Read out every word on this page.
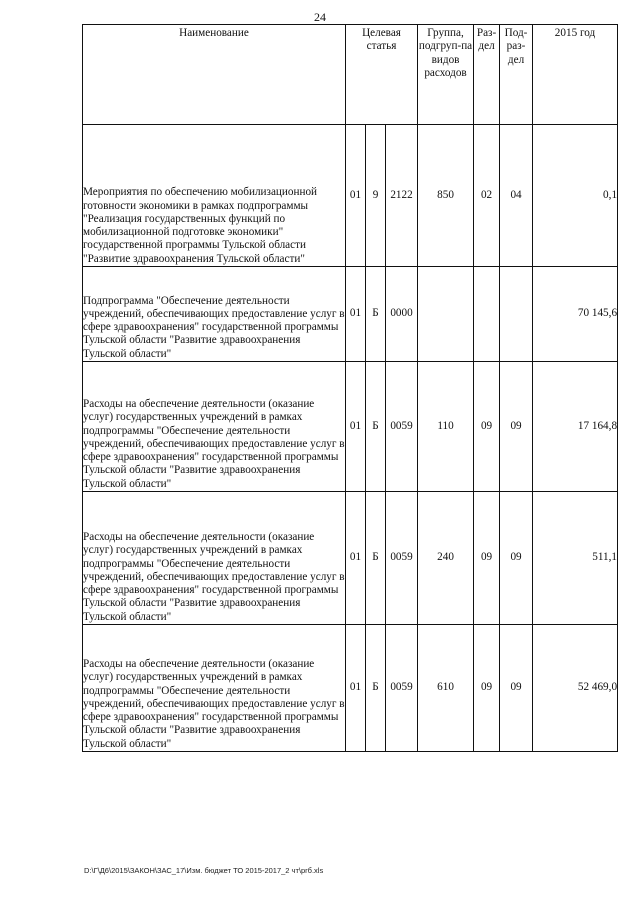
24
Наименование	Целевая статья			Группа, подгруп-па видов расходов	Раз-дел	Под-раз-дел	2015 год
Мероприятия по обеспечению мобилизационной готовности экономики в рамках подпрограммы "Реализация государственных функций по мобилизационной подготовке экономики" государственной программы Тульской области "Развитие здравоохранения Тульской области"	01	9	2122	850	02	04	0,1
Подпрограмма "Обеспечение деятельности учреждений, обеспечивающих предоставление услуг в сфере здравоохранения" государственной программы Тульской области "Развитие здравоохранения Тульской области"	01	Б	0000				70 145,6
Расходы на обеспечение деятельности (оказание услуг) государственных учреждений в рамках подпрограммы "Обеспечение деятельности учреждений, обеспечивающих предоставление услуг в сфере здравоохранения" государственной программы Тульской области "Развитие здравоохранения Тульской области"	01	Б	0059	110	09	09	17 164,8
Расходы на обеспечение деятельности (оказание услуг) государственных учреждений в рамках подпрограммы "Обеспечение деятельности учреждений, обеспечивающих предоставление услуг в сфере здравоохранения" государственной программы Тульской области "Развитие здравоохранения Тульской области"	01	Б	0059	240	09	09	511,1
Расходы на обеспечение деятельности (оказание услуг) государственных учреждений в рамках подпрограммы "Обеспечение деятельности учреждений, обеспечивающих предоставление услуг в сфере здравоохранения" государственной программы Тульской области "Развитие здравоохранения Тульской области"	01	Б	0059	610	09	09	52 469,0
D:\Г\Д6\2015\ЗАКОН\ЗАС_17\Изм. бюджет ТО 2015-2017_2 чт\prб.xls
